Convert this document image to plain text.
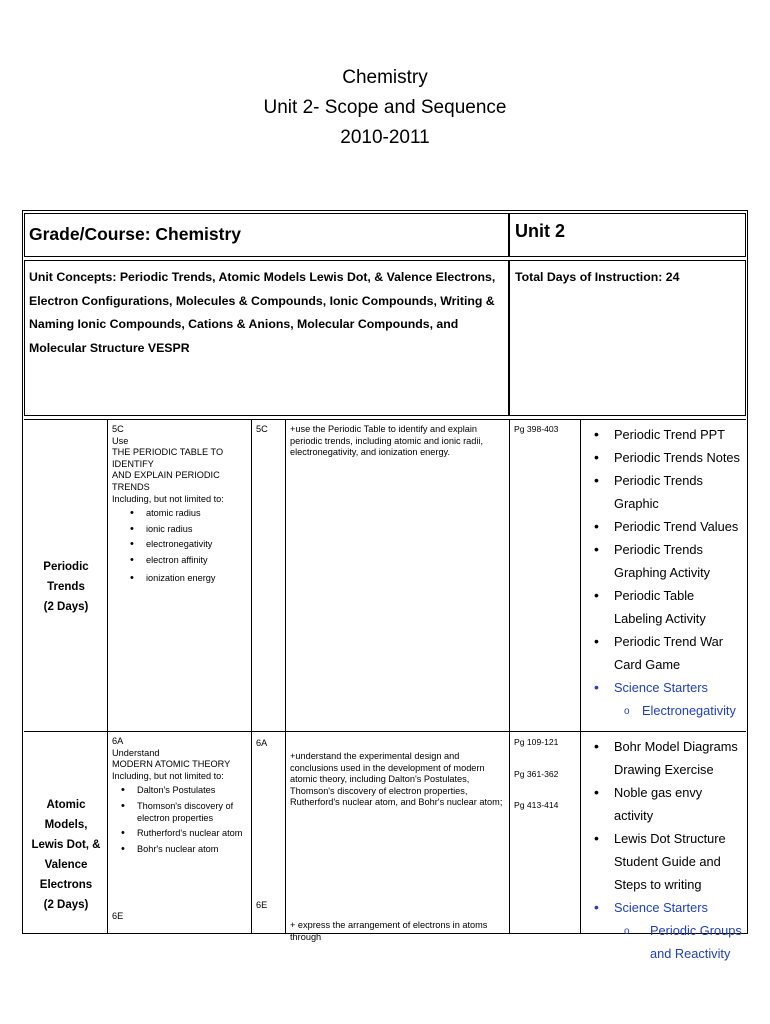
Chemistry
Unit 2- Scope and Sequence
2010-2011
Grade/Course: Chemistry	Unit 2
Unit Concepts: Periodic Trends, Atomic Models Lewis Dot, & Valence Electrons, Electron Configurations, Molecules & Compounds, Ionic Compounds, Writing & Naming Ionic Compounds, Cations & Anions, Molecular Compounds, and Molecular Structure VESPR
Total Days of Instruction: 24
Periodic Trends
(2 Days)
5C
Use
THE PERIODIC TABLE TO IDENTIFY
AND EXPLAIN PERIODIC TRENDS
Including, but not limited to:
• atomic radius
• ionic radius
• electronegativity
• electron affinity
• ionization energy
5C +use the Periodic Table to identify and explain periodic trends, including atomic and ionic radii, electronegativity, and ionization energy.
Pg 398-403
•	Periodic Trend PPT
• Periodic Trends Notes
• Periodic Trends Graphic
• Periodic Trend Values
• Periodic Trends Graphing Activity
• Periodic Table Labeling Activity
• Periodic Trend War Card Game
• Science Starters
o Electronegativity
Atomic Models,
Lewis Dot, &
Valence Electrons
(2 Days)
6A
Understand
MODERN ATOMIC THEORY
Including, but not limited to:
• Dalton's Postulates
• Thomson's discovery of electron properties
• Rutherford's nuclear atom
• Bohr's nuclear atom
6E
6A
6E
+understand the experimental design and conclusions used in the development of modern atomic theory, including Dalton's Postulates, Thomson's discovery of electron properties, Rutherford's nuclear atom, and Bohr's nuclear atom;
+ express the arrangement of electrons in atoms through
Pg 109-121
Pg 361-362
Pg 413-414
• Bohr Model Diagrams Drawing Exercise
• Noble gas envy activity
• Lewis Dot Structure Student Guide and Steps to writing
• Science Starters
o Periodic Groups and Reactivity
